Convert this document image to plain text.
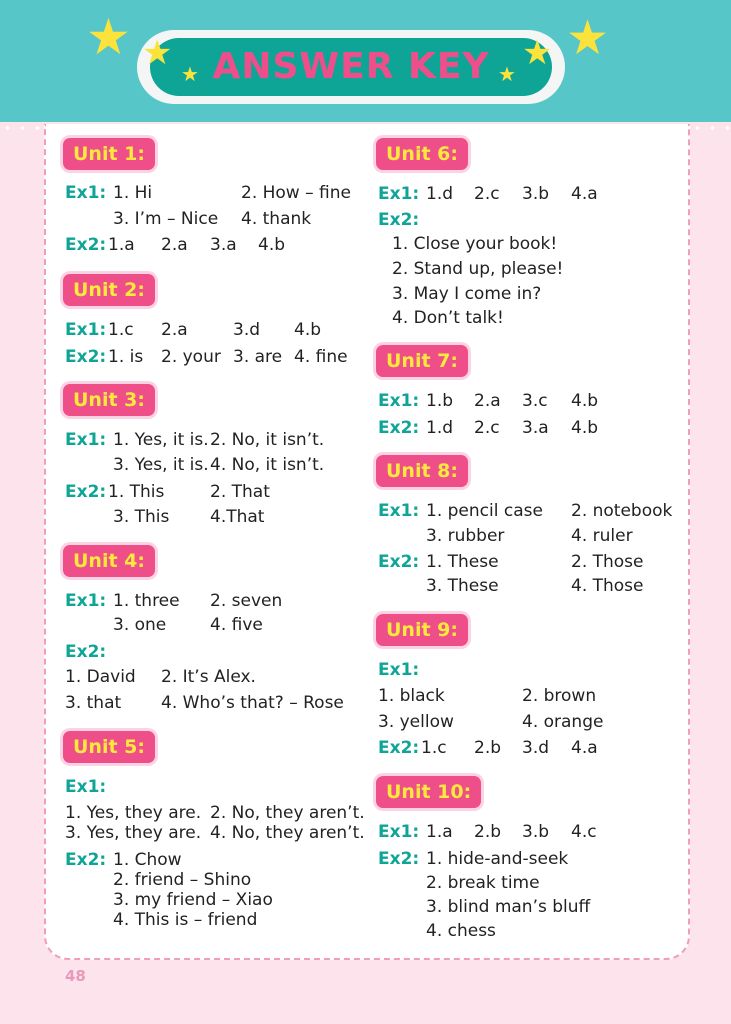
ANSWER KEY
★ ★
★
★
★
★
48
Unit 1:
Ex1: 1. Hi	2. How – fine
3. I’m – Nice 4. thank
Ex2: 1.a 2.a 3.a 4.b
Unit 2:
Ex1: 1.c 2.a	3.d 4.b
Ex2: 1. is 2. your 3. are 4. fine
Unit 3:
Ex1: 1. Yes, it is. 2. No, it isn’t.
3. Yes, it is. 4. No, it isn’t.
Ex2: 1. This	2. That
3. This 4.That
Unit 4:
Ex1: 1. three 2. seven
3. one	4. five
Ex2:
1. David 2. It’s Alex.
3. that 4. Who’s that? – Rose
Unit 5:
Ex1:
1. Yes, they are. 2. No, they aren’t.
3. Yes, they are. 4. No, they aren’t.
Ex2: 1. Chow
2. friend – Shino
3. my friend – Xiao
4. This is – friend
Unit 6:
Ex1: 1.d 2.c 3.b 4.a
Ex2:
1. Close your book!
2. Stand up, please!
3. May I come in?
4. Don’t talk!
Unit 7:
Ex1: 1.b 2.a 3.c 4.b
Ex2: 1.d 2.c 3.a 4.b
Unit 8:
Ex1: 1. pencil case 2. notebook
3. rubber	4. ruler
Ex2: 1. These	2. Those
3. These	4. Those
Unit 9:
Ex1:
1. black	2. brown
3. yellow	4. orange
Ex2: 1.c 2.b 3.d 4.a
Unit 10:
Ex1: 1.a 2.b 3.b 4.c
Ex2: 1. hide-and-seek
2. break time
3. blind man’s bluff
4. chess
